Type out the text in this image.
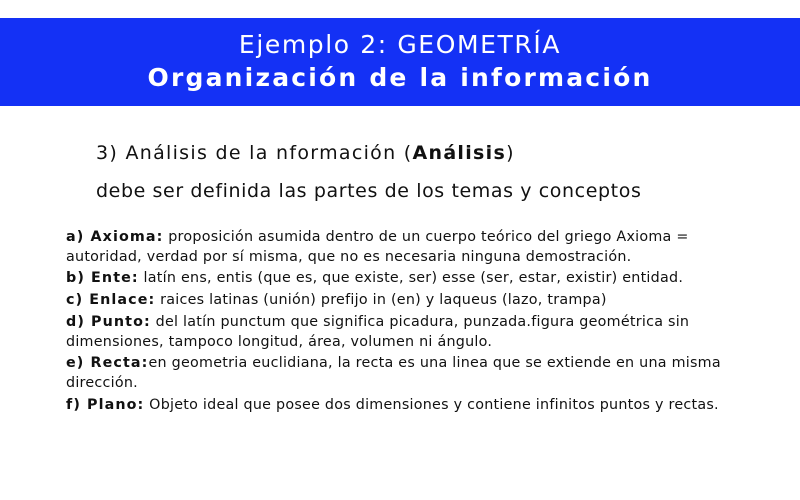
Ejemplo 2: GEOMETRÍA
Organización de la información
3) Análisis de la nformación (Análisis)
debe ser definida las partes de los temas y conceptos
a) Axioma: proposición asumida dentro de un cuerpo teórico del griego Axioma = autoridad, verdad por sí misma, que no es necesaria ninguna demostración.
b) Ente: latín ens, entis (que es, que existe, ser) esse (ser, estar, existir) entidad.
c) Enlace: raices latinas (unión) prefijo in (en) y laqueus (lazo, trampa)
d) Punto: del latín punctum que significa picadura, punzada.figura geométrica sin dimensiones, tampoco longitud, área, volumen ni ángulo.
e) Recta:en geometria euclidiana, la recta es una linea que se extiende en una misma dirección.
f) Plano: Objeto ideal que posee dos dimensiones y contiene infinitos puntos y rectas.
